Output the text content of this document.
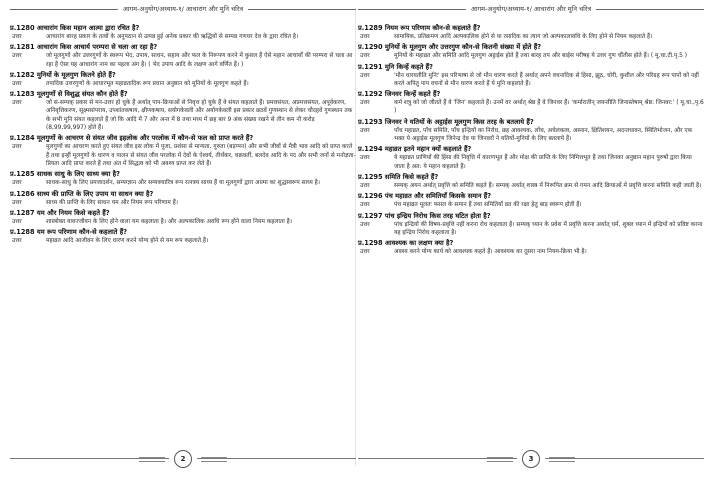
आगम-अनुयोग/अध्याय-१/ आचारांग और मुनि चरित्र
प्र.1280 आचारांग किस महान आत्मा द्वारा रचित है?
उत्तर	आचारांग बारह प्रकार के तत्वों के अनुपठान से उत्पन्न हुई अनेक प्रकार की ऋद्धियों से सम्पन्न गणधर देव के द्वारा रचित है।
प्र.1281 आचारांग किस आचार्य परम्परा से चला आ रहा है?
उत्तर	जो मूलगुणों और उत्तरगुणों के स्वरूप भेद, उपाय, साधन, सहाय और फल के निरूपण करने में कुशल हैं ऐसे महान आचार्यों की परम्परा से चला आ रहा है ऐसा यह आचारांग नाम का पहला अंग है। ( भेद उपाय आदि के लक्षण आगे वर्णित हैं। )
प्र.1282 मुनियों के मूलगुण कितने होते हैं?
उत्तर	तपादिक उत्तरगुणों के आधारभूत महाव्रतादिक रूप प्रधान अनुष्ठान को मुनियों के मूलगुण कहते हैं।
प्र.1283 मूलगुणों से विशुद्ध संयत कौन होते हैं?
उत्तर	जो सं-सम्यक् प्रकार से मन-उत्तर हो चुके हैं अर्थात् पाप-क्रियाओं से निवृत्त हो चुके हैं वे संयत कहलाते हैं। प्रमत्तसंयत, अप्रमत्तसंयत, अपूर्वकरण, अनिवृत्तिकरण, सूक्ष्मसांपराय, उपशांतकषाय, क्षीणकषाय, सयोगकेवली और अयोगकेवली इस प्रकार छठवें गुणस्थान से लेकर चौदहवें गुणस्थान तक के सभी मुनि संयत कहलाते हैं जो कि आदि में 7 और अन्त में 8 तथा मध्य में छह बार 9 अंक संख्या रखने से तीन कम नौ करोड़ (8,99,99,997) होते हैं।
प्र.1284 मूलगुणों के आचरण से संयत जीव इहलोक और परलोक में कौन-से फल को प्राप्त करते हैं?
उत्तर	मूलगुणों का आचरण करते हुए संयत जीव इस लोक में पूजा, प्रशंसा से मान्यता, गुरुता (बड़प्पन) और सभी जीवों से मैत्री भाव आदि को प्राप्त करते हैं तथा इन्हीं मूलगुणों के धारण व पालन से संयत जीव परलोक में देवों के ऐश्वर्य, तीर्थंकर, चक्रवर्ती, बलदेव आदि के पद और सभी जनों से मनोज्ञता-प्रियता आदि प्राप्त करते हैं तथा अंत में सिद्धत्व को भी अवश्य प्राप्त कर लेते हैं।
प्र.1285 साधक साधु के लिए साध्य क्या है?
उत्तर	साधक-साधु के लिए प्रमत्तादर्शन, सम्यग्ज्ञान और सम्यक्चारित्र रूप रत्नत्रय साध्य हैं या मूलगुणों द्वारा आत्मा का शुद्धस्वरूप साध्य है।
प्र.1286 साध्य की प्राप्ति के लिए उपाय या साधन क्या है?
उत्तर	साध्य की प्राप्ति के लिए साधन यम और नियम रूप परिणाम हैं।
प्र.1287 यम और नियम किसे कहते हैं?
उत्तर	शास्त्रोक्त यावज्जीवन के लिए होने वाला यम कहलाता है। और अल्पकालिक अवधि रूप होने वाला नियम कहलाता है।
प्र.1288 यम रूप परिणाम कौन-से कहलाते हैं?
उत्तर	महाव्रत आदि आजीवन के लिए धारण करने योग्य होने से यम रूप कहलाते हैं।
2
आगम-अनुयोग/अध्याय-१/ आचारांग और मुनि चरित्र
प्र.1289 नियम रूप परिणाम कौन-से कहलाते हैं?
उत्तर	सामायिक, प्रतिक्रमण आदि अल्पकालिक होने से या रसादिक का त्याग जो अल्पकालावधि के लिए होने से नियम कहलाते हैं।
प्र.1290 मुनियों के मूलगुण और उत्तरगुण कौन-से कितनी संख्या में होते हैं?
उत्तर	मुनियों के महाव्रत और समिति आदि मूलगुण अट्ठाईस होते हैं तथा बारह तप और बाईस परीषह ये उत्तर गुण चौंतीस होते हैं। ( मू.चा.टी.पृ.5 )
प्र.1291 मुनि किन्हें कहते हैं?
उत्तर	'मौन धारयतीति मुनिः' इस परिभाषा से जो मौन धारण करते हैं अर्थात् अपने वचनादिक से हिंसा, झूठ, चोरी, कुशील और परिग्रह रूप पापों को नहीं करते अपितु पाप वचनों से मौन धारण करते हैं ये मुनि कहलाते हैं।
प्र.1292 जिनवर किन्हें कहते हैं?
उत्तर	कर्म शत्रु को जो जीतते हैं वे 'जिन' कहलाते हैं। उनमें वर अर्थात् श्रेष्ठ हैं वे जिनवर हैं। 'कर्मारातीन् जयन्तीति जिनास्तेषाम् श्रेष्ठ: जिनवर:' ( मू.चा.,पृ.6 )
प्र.1293 जिनवर ने यतियों के अट्ठाईस मूलगुण किस तरह के बतलाये हैं?
उत्तर	पाँच महाव्रत, पाँच समिति, पाँच इन्द्रियों का निरोध, छह आवश्यक, लोंच, अचेलकत्व, अस्नान, क्षितिशयन, अदन्तधावन, स्थितिभोजन, और एक भक्त ये अट्ठाईस मूलगुण जिनेन्द्र देव या जिनवरों ने यतियों-मुनियों के लिए बतलाये हैं।
प्र.1294 महाव्रत इतने महान क्यों कहलाते हैं?
उत्तर	ये महाव्रत प्राणियों की हिंसा की निवृत्ति में कारणभूत हैं और मोक्ष की प्राप्ति के लिए निमित्तभूत हैं तथा जिनका अनुष्ठान महान पुरुषों द्वारा किया जाता है अत: ये महान कहलाते हैं।
प्र.1295 समिति किसे कहते हैं?
उत्तर	सम्यक् अयन अर्थात् प्रवृत्ति को समिति कहते हैं। सम्यक् अर्थात् शास्त्र में निरूपित क्रम से गमन आदि क्रियाओं में प्रवृत्ति करना समिति कही जाती है।
प्र.1296 पंच महाव्रत और समितियाँ किसके समान हैं?
उत्तर	पंच महाव्रत मूलतः फसल के समान हैं तथा समितियाँ व्रत की रक्षा हेतु बाड़ स्वरूप होती हैं।
प्र.1297 पांच इन्द्रिय निरोध किस तरह घटित होता है?
उत्तर	पांच इन्द्रियों की विषय-प्रवृत्ति नहीं करना रोध कहलाता है। सम्यक् ध्यान के प्रवेश में प्रवृत्ति करना अर्थात् धर्म, शुक्ल ध्यान में इन्द्रियों को प्रविष्ट करना यह इन्द्रिय निरोध कहलाता है।
प्र.1298 आवश्यक का लक्षण क्या है?
उत्तर	अवश्य करने योग्य कार्य को आवश्यक कहते हैं। आवश्यक का दूसरा नाम नियम-क्रिया भी है।
3
